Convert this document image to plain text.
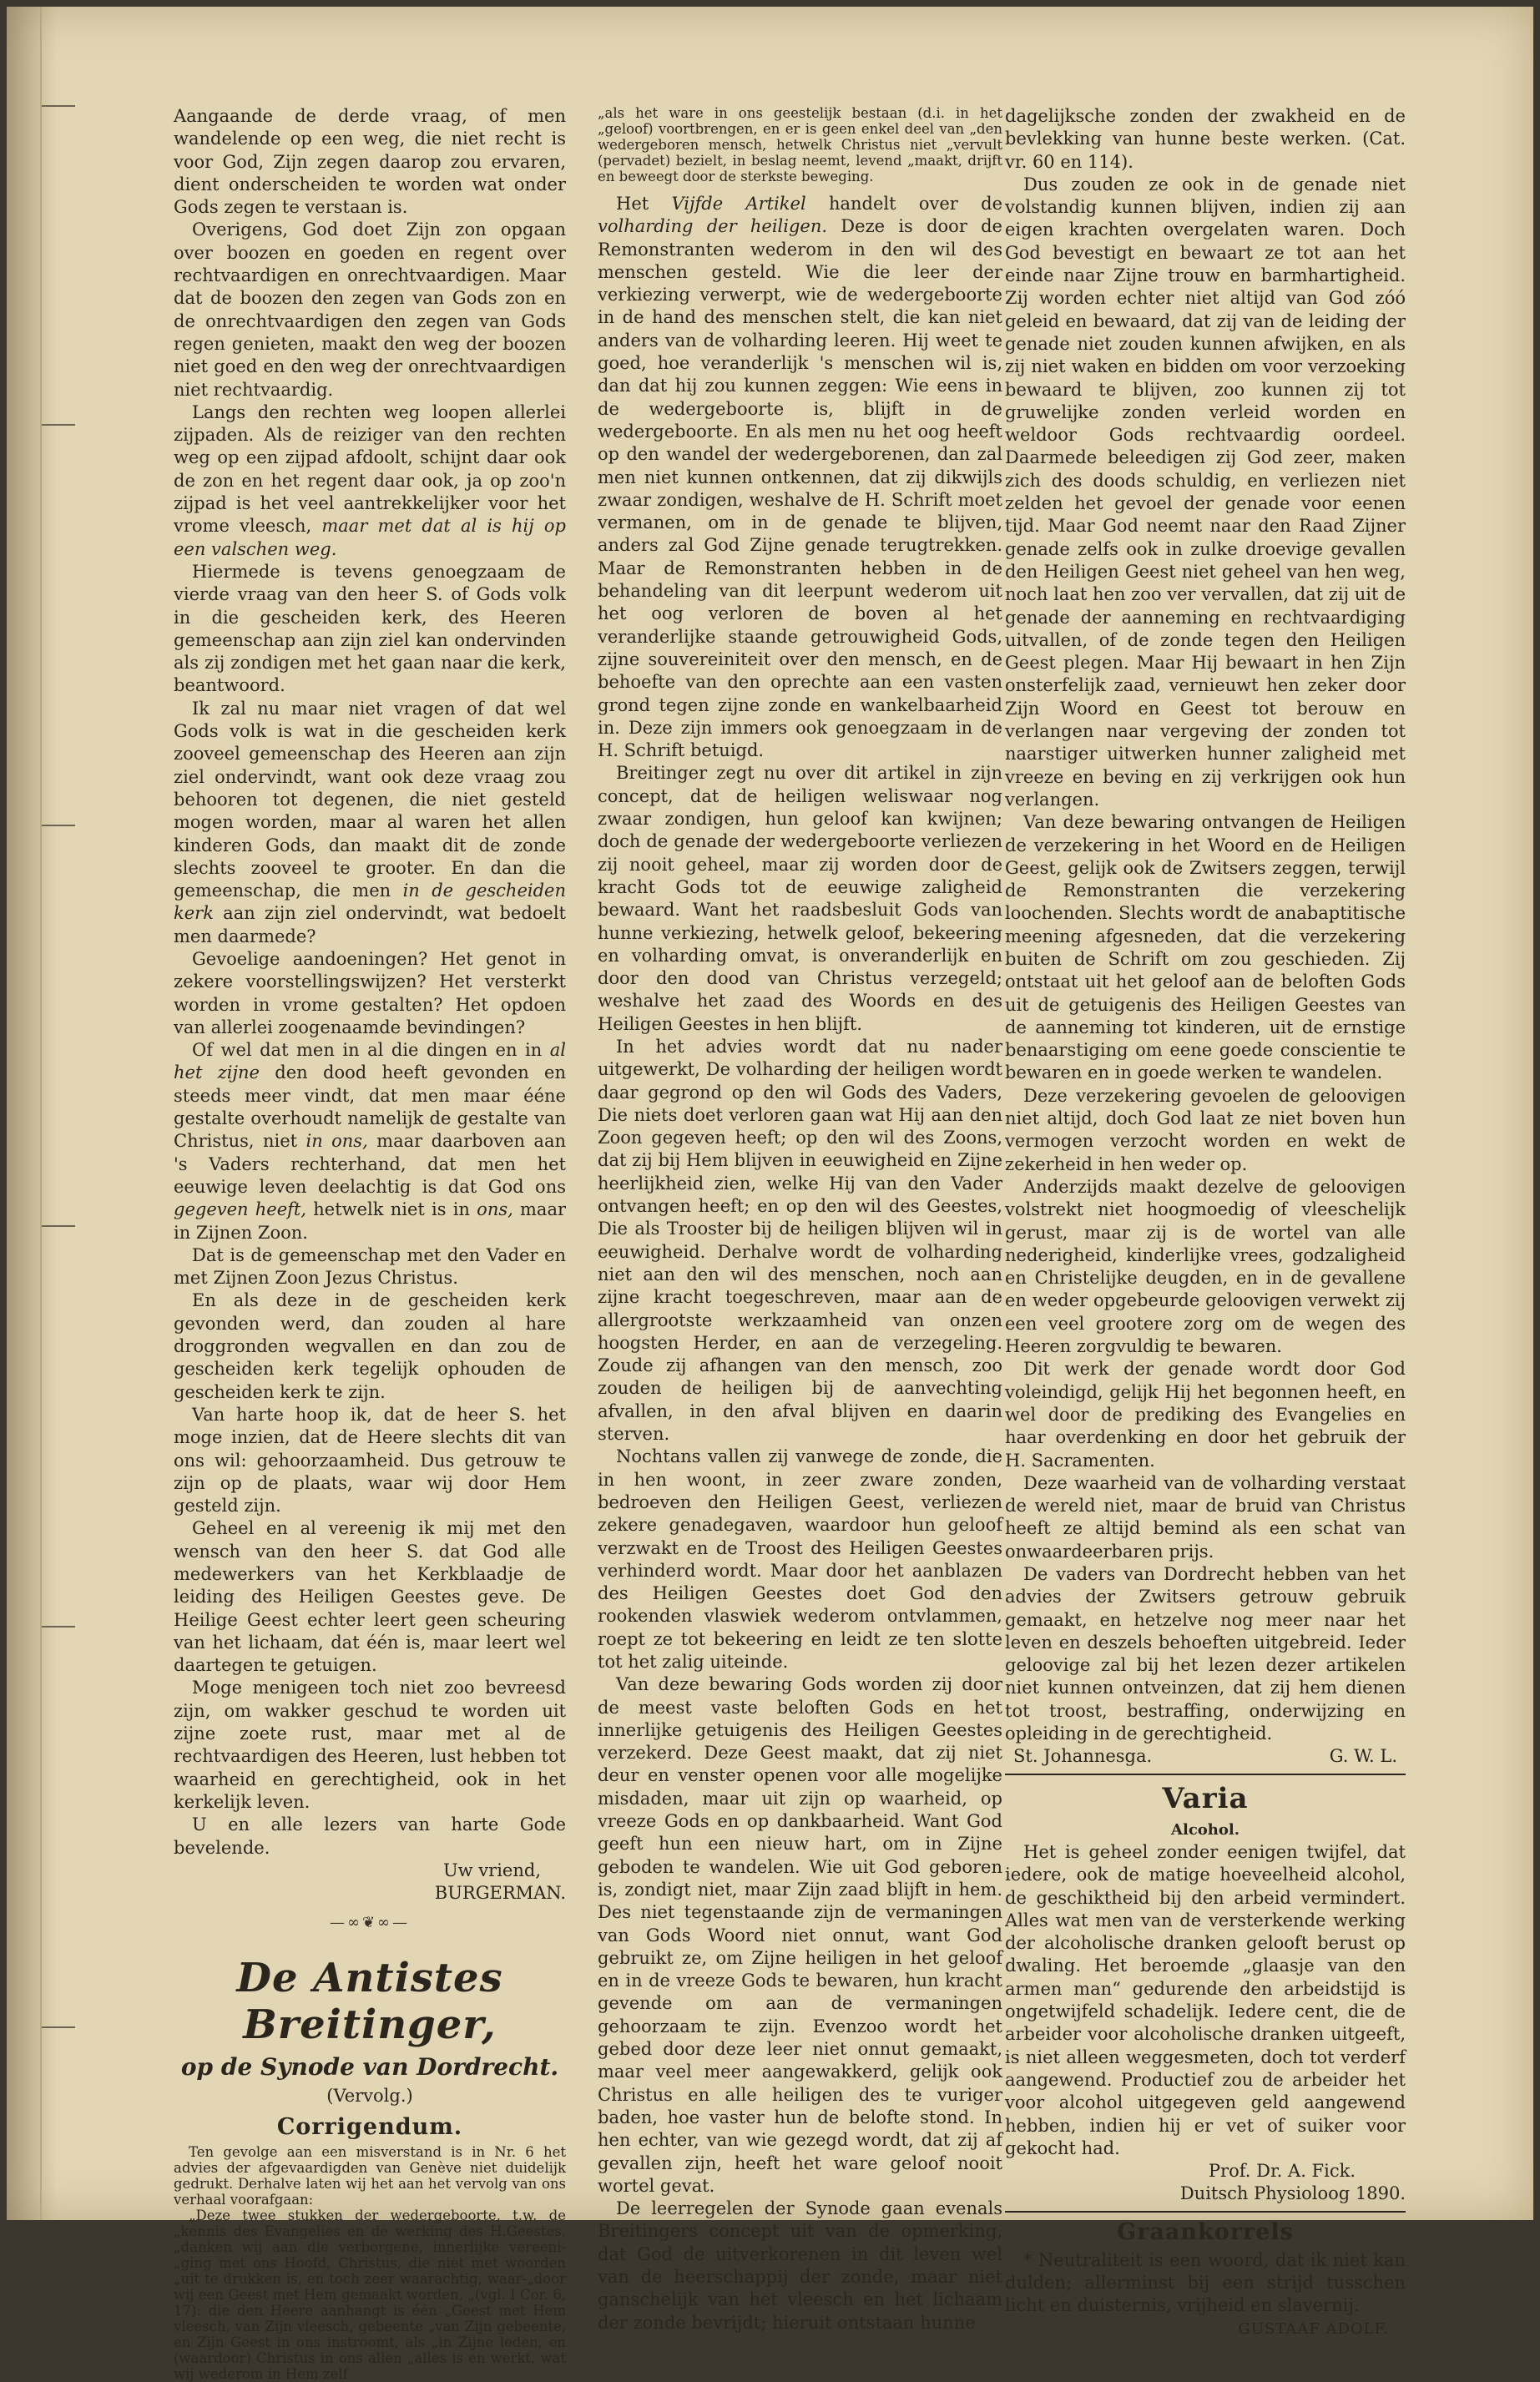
Aangaande de derde vraag, of men wandelende op een weg, die niet recht is voor God, Zijn zegen daarop zou ervaren, dient onderscheiden te worden wat onder Gods zegen te verstaan is.

Overigens, God doet Zijn zon opgaan over boozen en goeden en regent over rechtvaardigen en onrechtvaardigen. Maar dat de boozen den zegen van Gods zon en de onrechtvaardigen den zegen van Gods regen genieten, maakt den weg der boozen niet goed en den weg der onrechtvaardigen niet rechtvaardig.

Langs den rechten weg loopen allerlei zijpaden. Als de reiziger van den rechten weg op een zijpad afdoolt, schijnt daar ook de zon en het regent daar ook, ja op zoo'n zijpad is het veel aantrekkelijker voor het vrome vleesch, maar met dat al is hij op een valschen weg.

Hiermede is tevens genoegzaam de vierde vraag van den heer S. of Gods volk in die gescheiden kerk, des Heeren gemeenschap aan zijn ziel kan ondervinden als zij zondigen met het gaan naar die kerk, beantwoord.

Ik zal nu maar niet vragen of dat wel Gods volk is wat in die gescheiden kerk zooveel gemeenschap des Heeren aan zijn ziel ondervindt, want ook deze vraag zou behooren tot degenen, die niet gesteld mogen worden, maar al waren het allen kinderen Gods, dan maakt dit de zonde slechts zooveel te grooter. En dan die gemeenschap, die men in de gescheiden kerk aan zijn ziel ondervindt, wat bedoelt men daarmede?

Gevoelige aandoeningen? Het genot in zekere voorstellingswijzen? Het versterkt worden in vrome gestalten? Het opdoen van allerlei zoogenaamde bevindingen?

Of wel dat men in al die dingen en in al het zijne den dood heeft gevonden en steeds meer vindt, dat men maar ééne gestalte overhoudt namelijk de gestalte van Christus, niet in ons, maar daarboven aan 's Vaders rechterhand, dat men het eeuwige leven deelachtig is dat God ons gegeven heeft, hetwelk niet is in ons, maar in Zijnen Zoon.

Dat is de gemeenschap met den Vader en met Zijnen Zoon Jezus Christus.

En als deze in de gescheiden kerk gevonden werd, dan zouden al hare droggronden wegvallen en dan zou de gescheiden kerk tegelijk ophouden de gescheiden kerk te zijn.

Van harte hoop ik, dat de heer S. het moge inzien, dat de Heere slechts dit van ons wil: gehoorzaamheid. Dus getrouw te zijn op de plaats, waar wij door Hem gesteld zijn.

Geheel en al vereenig ik mij met den wensch van den heer S. dat God alle medewerkers van het Kerkblaadje de leiding des Heiligen Geestes geve. De Heilige Geest echter leert geen scheuring van het lichaam, dat één is, maar leert wel daartegen te getuigen.

Moge menigeen toch niet zoo bevreesd zijn, om wakker geschud te worden uit zijne zoete rust, maar met al de rechtvaardigen des Heeren, lust hebben tot waarheid en gerechtigheid, ook in het kerkelijk leven.

U en alle lezers van harte Gode bevelende.

Uw vriend,

BURGERMAN.

—∞❦∞—
De Antistes Breitinger,
op de Synode van Dordrecht.
(Vervolg.)
Corrigendum.

Ten gevolge aan een misverstand is in Nr. 6 het advies der afgevaardigden van Genève niet duidelijk gedrukt. Derhalve laten wij het aan het vervolg van ons verhaal voorafgaan:

„Deze twee stukken der wedergeboorte, t.w. de „kennis des Evangelies en de werking des H.Geestes, „danken wij aan die verborgene, innerlijke vereeni-„ging met ons Hoofd, Christus, die niet met woorden „uit te drukken is, en toch zeer waarachtig, waar-„door wij een Geest met Hem gemaakt worden, „(vgl. I Cor. 6, 17): die den Heere aanhangt is één „Geest met Hem vleesch, van Zijn vleesch, gebeente „van Zijn gebeente, en Zijn Geest in ons instroomt, als „in Zijne leden, en (waardoor) Christus in ons allen „alles is en werkt, wat wij wederom in Hem zelf

„als het ware in ons geestelijk bestaan (d.i. in het „geloof) voortbrengen, en er is geen enkel deel van „den wedergeboren mensch, hetwelk Christus niet „vervult (pervadet) bezielt, in beslag neemt, levend „maakt, drijft en beweegt door de sterkste beweging.

Het Vijfde Artikel handelt over de volharding der heiligen. Deze is door de Remonstranten wederom in den wil des menschen gesteld. Wie die leer der verkiezing verwerpt, wie de wedergeboorte in de hand des menschen stelt, die kan niet anders van de volharding leeren. Hij weet te goed, hoe veranderlijk 's menschen wil is, dan dat hij zou kunnen zeggen: Wie eens in de wedergeboorte is, blijft in de wedergeboorte. En als men nu het oog heeft op den wandel der wedergeborenen, dan zal men niet kunnen ontkennen, dat zij dikwijls zwaar zondigen, weshalve de H. Schrift moet vermanen, om in de genade te blijven, anders zal God Zijne genade terugtrekken. Maar de Remonstranten hebben in de behandeling van dit leerpunt wederom uit het oog verloren de boven al het veranderlijke staande getrouwigheid Gods, zijne souvereiniteit over den mensch, en de behoefte van den oprechte aan een vasten grond tegen zijne zonde en wankelbaarheid in. Deze zijn immers ook genoegzaam in de H. Schrift betuigd.

Breitinger zegt nu over dit artikel in zijn concept, dat de heiligen weliswaar nog zwaar zondigen, hun geloof kan kwijnen; doch de genade der wedergeboorte verliezen zij nooit geheel, maar zij worden door de kracht Gods tot de eeuwige zaligheid bewaard. Want het raadsbesluit Gods van hunne verkiezing, hetwelk geloof, bekeering en volharding omvat, is onveranderlijk en door den dood van Christus verzegeld; weshalve het zaad des Woords en des Heiligen Geestes in hen blijft.

In het advies wordt dat nu nader uitgewerkt, De volharding der heiligen wordt daar gegrond op den wil Gods des Vaders, Die niets doet verloren gaan wat Hij aan den Zoon gegeven heeft; op den wil des Zoons, dat zij bij Hem blijven in eeuwigheid en Zijne heerlijkheid zien, welke Hij van den Vader ontvangen heeft; en op den wil des Geestes, Die als Trooster bij de heiligen blijven wil in eeuwigheid. Derhalve wordt de volharding niet aan den wil des menschen, noch aan zijne kracht toegeschreven, maar aan de allergrootste werkzaamheid van onzen hoogsten Herder, en aan de verzegeling. Zoude zij afhangen van den mensch, zoo zouden de heiligen bij de aanvechting afvallen, in den afval blijven en daarin sterven.

Nochtans vallen zij vanwege de zonde, die in hen woont, in zeer zware zonden, bedroeven den Heiligen Geest, verliezen zekere genadegaven, waardoor hun geloof verzwakt en de Troost des Heiligen Geestes verhinderd wordt. Maar door het aanblazen des Heiligen Geestes doet God den rookenden vlaswiek wederom ontvlammen, roept ze tot bekeering en leidt ze ten slotte tot het zalig uiteinde.

Van deze bewaring Gods worden zij door de meest vaste beloften Gods en het innerlijke getuigenis des Heiligen Geestes verzekerd. Deze Geest maakt, dat zij niet deur en venster openen voor alle mogelijke misdaden, maar uit zijn op waarheid, op vreeze Gods en op dankbaarheid. Want God geeft hun een nieuw hart, om in Zijne geboden te wandelen. Wie uit God geboren is, zondigt niet, maar Zijn zaad blijft in hem. Des niet tegenstaande zijn de vermaningen van Gods Woord niet onnut, want God gebruikt ze, om Zijne heiligen in het geloof en in de vreeze Gods te bewaren, hun kracht gevende om aan de vermaningen gehoorzaam te zijn. Evenzoo wordt het gebed door deze leer niet onnut gemaakt, maar veel meer aangewakkerd, gelijk ook Christus en alle heiligen des te vuriger baden, hoe vaster hun de belofte stond. In hen echter, van wie gezegd wordt, dat zij af gevallen zijn, heeft het ware geloof nooit wortel gevat.

De leerregelen der Synode gaan evenals Breitingers concept uit van de opmerking, dat God de uitverkorenen in dit leven wel van de heerschappij der zonde, maar niet ganschelijk van het vleesch en het lichaam der zonde bevrijdt; hieruit ontstaan hunne

dagelijksche zonden der zwakheid en de bevlekking van hunne beste werken. (Cat. vr. 60 en 114).

Dus zouden ze ook in de genade niet volstandig kunnen blijven, indien zij aan eigen krachten overgelaten waren. Doch God bevestigt en bewaart ze tot aan het einde naar Zijne trouw en barmhartigheid. Zij worden echter niet altijd van God zóó geleid en bewaard, dat zij van de leiding der genade niet zouden kunnen afwijken, en als zij niet waken en bidden om voor verzoeking bewaard te blijven, zoo kunnen zij tot gruwelijke zonden verleid worden en weldoor Gods rechtvaardig oordeel. Daarmede beleedigen zij God zeer, maken zich des doods schuldig, en verliezen niet zelden het gevoel der genade voor eenen tijd. Maar God neemt naar den Raad Zijner genade zelfs ook in zulke droevige gevallen den Heiligen Geest niet geheel van hen weg, noch laat hen zoo ver vervallen, dat zij uit de genade der aanneming en rechtvaardiging uitvallen, of de zonde tegen den Heiligen Geest plegen. Maar Hij bewaart in hen Zijn onsterfelijk zaad, vernieuwt hen zeker door Zijn Woord en Geest tot berouw en verlangen naar vergeving der zonden tot naarstiger uitwerken hunner zaligheid met vreeze en beving en zij verkrijgen ook hun verlangen.

Van deze bewaring ontvangen de Heiligen de verzekering in het Woord en de Heiligen Geest, gelijk ook de Zwitsers zeggen, terwijl de Remonstranten die verzekering loochenden. Slechts wordt de anabaptitische meening afgesneden, dat die verzekering buiten de Schrift om zou geschieden. Zij ontstaat uit het geloof aan de beloften Gods uit de getuigenis des Heiligen Geestes van de aanneming tot kinderen, uit de ernstige benaarstiging om eene goede conscientie te bewaren en in goede werken te wandelen.

Deze verzekering gevoelen de geloovigen niet altijd, doch God laat ze niet boven hun vermogen verzocht worden en wekt de zekerheid in hen weder op.

Anderzijds maakt dezelve de geloovigen volstrekt niet hoogmoedig of vleeschelijk gerust, maar zij is de wortel van alle nederigheid, kinderlijke vrees, godzaligheid en Christelijke deugden, en in de gevallene en weder opgebeurde geloovigen verwekt zij een veel grootere zorg om de wegen des Heeren zorgvuldig te bewaren.

Dit werk der genade wordt door God voleindigd, gelijk Hij het begonnen heeft, en wel door de prediking des Evangelies en haar overdenking en door het gebruik der H. Sacramenten.

Deze waarheid van de volharding verstaat de wereld niet, maar de bruid van Christus heeft ze altijd bemind als een schat van onwaardeerbaren prijs.

De vaders van Dordrecht hebben van het advies der Zwitsers getrouw gebruik gemaakt, en hetzelve nog meer naar het leven en deszels behoeften uitgebreid. Ieder geloovige zal bij het lezen dezer artikelen niet kunnen ontveinzen, dat zij hem dienen tot troost, bestraffing, onderwijzing en opleiding in de gerechtigheid.

St. Johannesga.	G. W. L.
Varia
Alcohol.

Het is geheel zonder eenigen twijfel, dat iedere, ook de matige hoeveelheid alcohol, de geschiktheid bij den arbeid vermindert. Alles wat men van de versterkende werking der alcoholische dranken gelooft berust op dwaling. Het beroemde „glaasje van den armen man“ gedurende den arbeidstijd is ongetwijfeld schadelijk. Iedere cent, die de arbeider voor alcoholische dranken uitgeeft, is niet alleen weggesmeten, doch tot verderf aangewend. Productief zou de arbeider het voor alcohol uitgegeven geld aangewend hebben, indien hij er vet of suiker voor gekocht had.

Prof. Dr. A. Fick.

Duitsch Physioloog 1890.

Graankorrels

* Neutraliteit is een woord, dat ik niet kan dulden; allerminst bij een strijd tusschen licht en duisternis, vrijheid en slavernij.

GUSTAAF ADOLF.
